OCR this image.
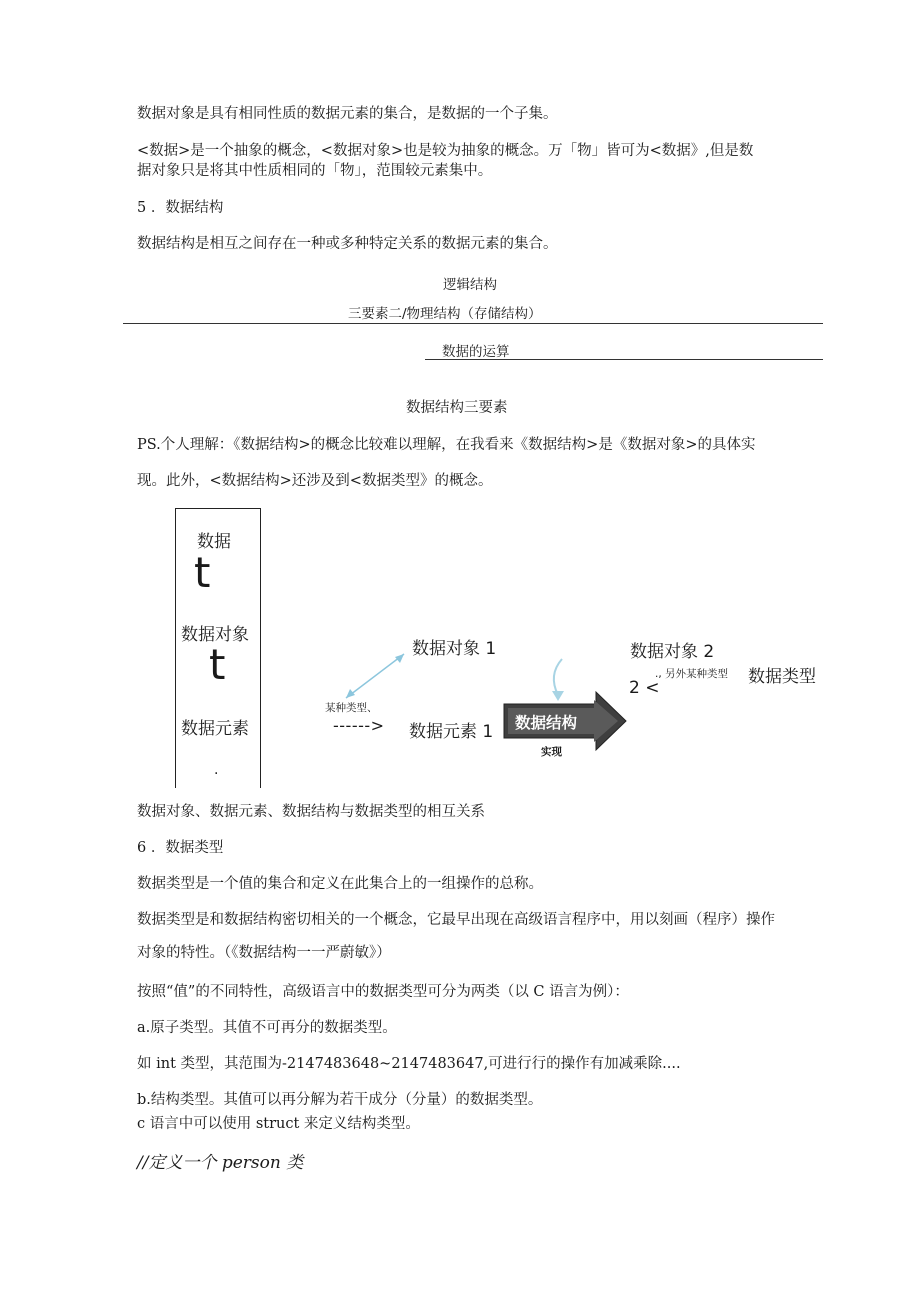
数据对象是具有相同性质的数据元素的集合，是数据的一个子集。
<数据>是一个抽象的概念，<数据对象>也是较为抽象的概念。万「物」皆可为<数据》,但是数
据对象只是将其中性质相同的「物」，范围较元素集中。
5 ．数据结构
数据结构是相互之间存在一种或多种特定关系的数据元素的集合。
逻辑结构
三要素二/物理结构（存储结构）
数据的运算
数据结构三要素
PS.个人理解：《数据结构>的概念比较难以理解，在我看来《数据结构>是《数据对象>的具体实
现。此外，<数据结构>还涉及到<数据类型》的概念。
数据
t
数据对象
t
数据元素
.
数据对象 1
某种类型、
------> 数据元素 1 数据结构
实现
数据对象 2
., 另外某种类型 数据类型
2 <
数据对象、数据元素、数据结构与数据类型的相互关系
6 ．数据类型
数据类型是一个值的集合和定义在此集合上的一组操作的总称。
数据类型是和数据结构密切相关的一个概念，它最早出现在高级语言程序中，用以刻画（程序）操作
对象的特性。（《数据结构一一严蔚敏》）
按照“值”的不同特性，高级语言中的数据类型可分为两类（以 C 语言为例）：
a.原子类型。其值不可再分的数据类型。
如 int 类型，其范围为-2147483648~2147483647,可进行行的操作有加减乘除....
b.结构类型。其值可以再分解为若干成分（分量）的数据类型。
c 语言中可以使用 struct 来定义结构类型。
//定义一个 person 类
